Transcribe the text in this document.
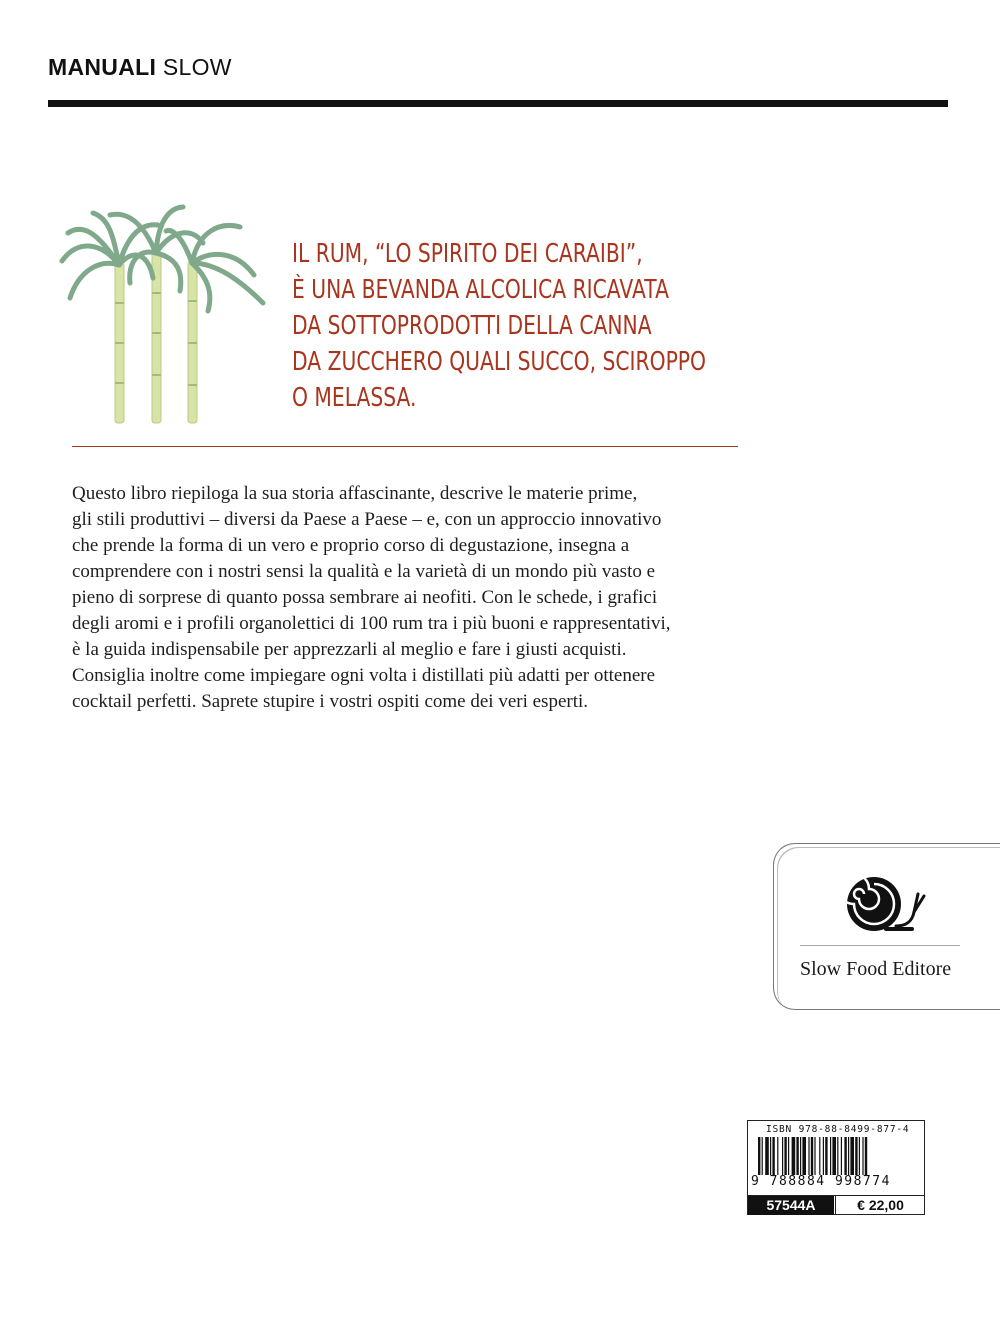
MANUALI SLOW
IL RUM, “LO SPIRITO DEI CARAIBI”,
È UNA BEVANDA ALCOLICA RICAVATA
DA SOTTOPRODOTTI DELLA CANNA
DA ZUCCHERO QUALI SUCCO, SCIROPPO
O MELASSA.
Questo libro riepiloga la sua storia affascinante, descrive le materie prime,
gli stili produttivi – diversi da Paese a Paese – e, con un approccio innovativo
che prende la forma di un vero e proprio corso di degustazione, insegna a
comprendere con i nostri sensi la qualità e la varietà di un mondo più vasto e
pieno di sorprese di quanto possa sembrare ai neofiti. Con le schede, i grafici
degli aromi e i profili organolettici di 100 rum tra i più buoni e rappresentativi,
è la guida indispensabile per apprezzarli al meglio e fare i giusti acquisti.
Consiglia inoltre come impiegare ogni volta i distillati più adatti per ottenere
cocktail perfetti. Saprete stupire i vostri ospiti come dei veri esperti.
Slow Food Editore
ISBN 978-88-8499-877-4
9 788884 998774
57544A	€ 22,00
